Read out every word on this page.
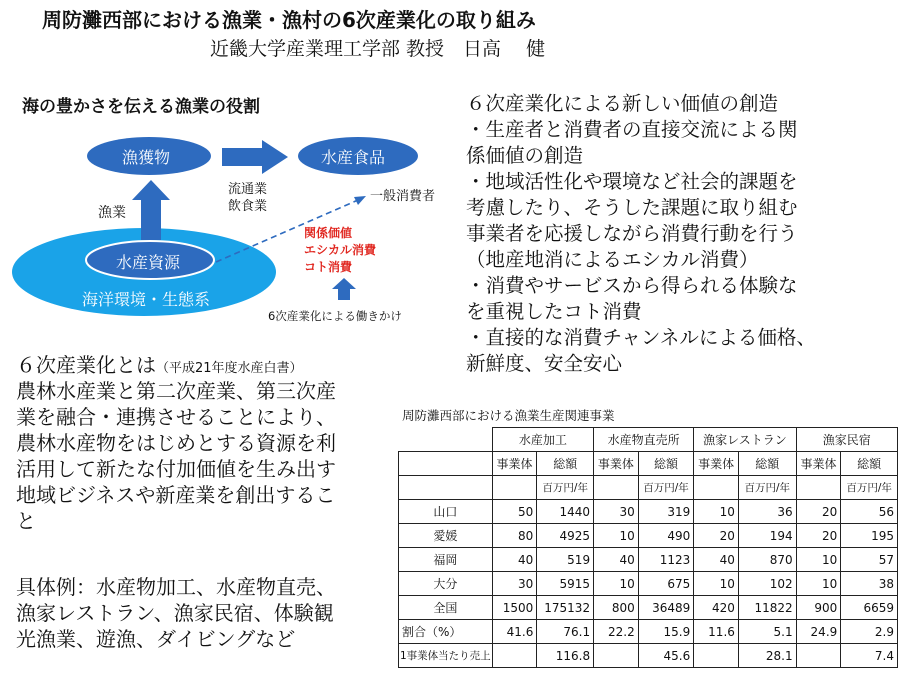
周防灘西部における漁業・漁村の6次産業化の取り組み
近畿大学産業理工学部 教授　日高　 健
海の豊かさを伝える漁業の役割
漁獲物	水産食品
流通業
飲食業
漁業
一般消費者
水産資源
海洋環境・生態系
関係価値
エシカル消費
コト消費
6次産業化による働きかけ
６次産業化による新しい価値の創造
・生産者と消費者の直接交流による関
係価値の創造
・地域活性化や環境など社会的課題を
考慮したり、そうした課題に取り組む
事業者を応援しながら消費行動を行う
（地産地消によるエシカル消費）
・消費やサービスから得られる体験な
を重視したコト消費
・直接的な消費チャンネルによる価格、
新鮮度、安全安心
６次産業化とは（平成21年度水産白書）
農林水産業と第二次産業、第三次産
業を融合・連携させることにより、
農林水産物をはじめとする資源を利
活用して新たな付加価値を生み出す
地域ビジネスや新産業を創出するこ
と
具体例：水産物加工、水産物直売、
漁家レストラン、漁家民宿、体験観
光漁業、遊漁、ダイビングなど
周防灘西部における漁業生産関連事業
	水産加工		水産物直売所		漁家レストラン		漁家民宿	
	事業体	総額	事業体	総額	事業体	総額	事業体	総額
		百万円/年		百万円/年		百万円/年		百万円/年
山口	50	1440	30	319	10	36	20	56
愛媛	80	4925	10	490	20	194	20	195
福岡	40	519	40	1123	40	870	10	57
大分	30	5915	10	675	10	102	10	38
全国	1500	175132	800	36489	420	11822	900	6659
割合（%）	41.6	76.1	22.2	15.9	11.6	5.1	24.9	2.9
1事業体当たり売上		116.8		45.6		28.1		7.4
